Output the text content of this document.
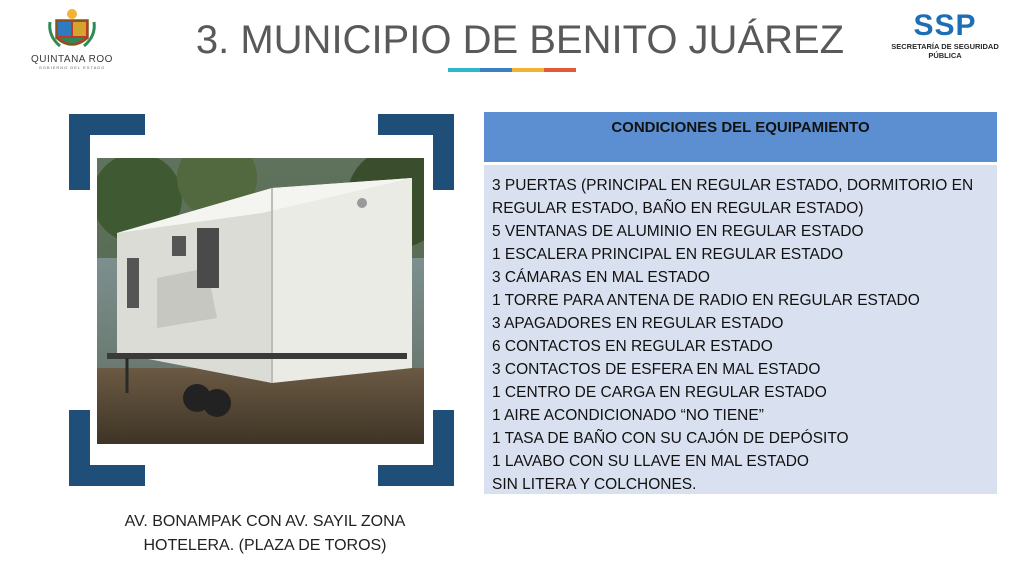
QUINTANA ROO
GOBIERNO DEL ESTADO
3. MUNICIPIO DE BENITO JUÁREZ	SSP
SECRETARÍA DE SEGURIDAD
PÚBLICA
AV. BONAMPAK CON AV. SAYIL ZONA
HOTELERA. (PLAZA DE TOROS)
CONDICIONES DEL EQUIPAMIENTO
3 PUERTAS (PRINCIPAL EN REGULAR ESTADO, DORMITORIO EN REGULAR ESTADO, BAÑO EN REGULAR ESTADO)
5 VENTANAS DE ALUMINIO EN REGULAR ESTADO
1 ESCALERA PRINCIPAL EN REGULAR ESTADO
3 CÁMARAS EN MAL ESTADO
1 TORRE PARA ANTENA DE RADIO EN REGULAR ESTADO
3 APAGADORES EN REGULAR ESTADO
6 CONTACTOS EN REGULAR ESTADO
3 CONTACTOS DE ESFERA EN MAL ESTADO
1 CENTRO DE CARGA EN REGULAR ESTADO
1 AIRE ACONDICIONADO “NO TIENE”
1 TASA DE BAÑO CON SU CAJÓN DE DEPÓSITO
1 LAVABO CON SU LLAVE EN MAL ESTADO
SIN LITERA Y COLCHONES.
